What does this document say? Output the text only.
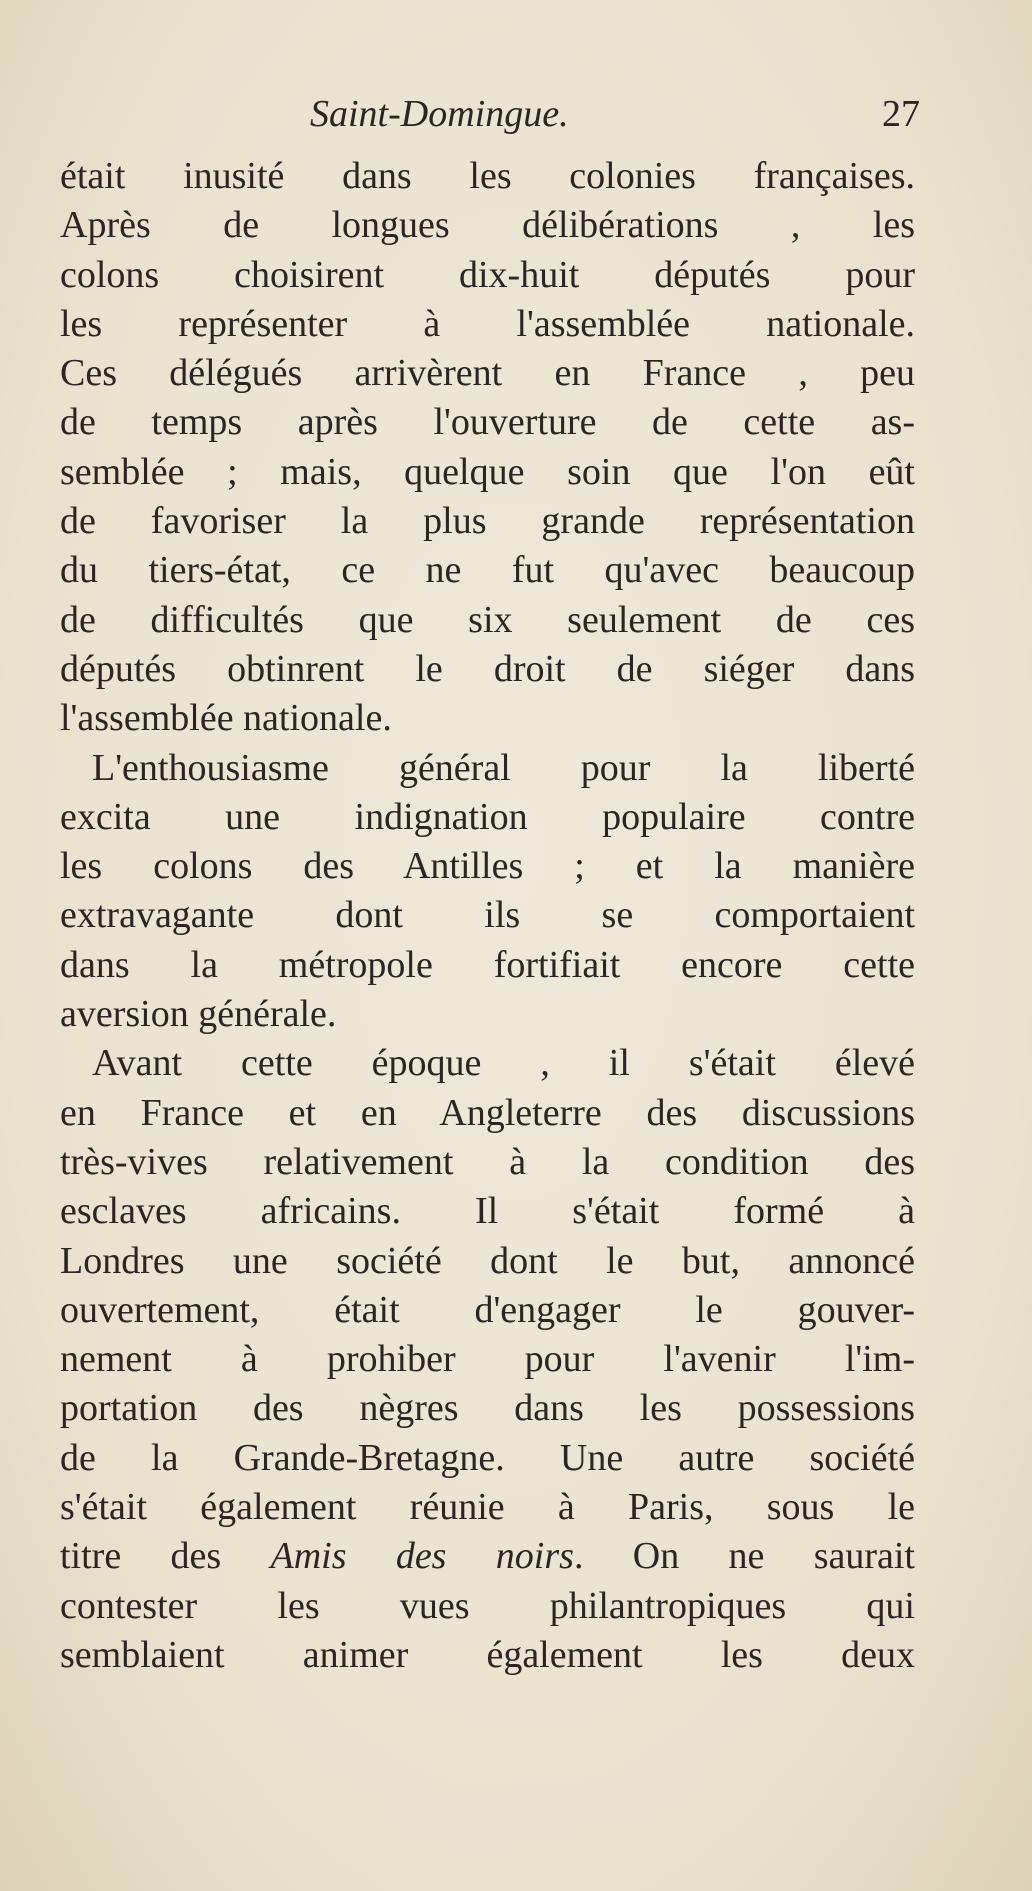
Saint-Domingue.	27
était inusité dans les colonies françaises.
Après de longues délibérations , les
colons choisirent dix-huit députés pour
les représenter à l'assemblée nationale.
Ces délégués arrivèrent en France , peu
de temps après l'ouverture de cette as-
semblée ; mais, quelque soin que l'on eût
de favoriser la plus grande représentation
du tiers-état, ce ne fut qu'avec beaucoup
de difficultés que six seulement de ces
députés obtinrent le droit de siéger dans
l'assemblée nationale.
L'enthousiasme général pour la liberté
excita une indignation populaire contre
les colons des Antilles ; et la manière
extravagante dont ils se comportaient
dans la métropole fortifiait encore cette
aversion générale.
Avant cette époque , il s'était élevé
en France et en Angleterre des discussions
très-vives relativement à la condition des
esclaves africains. Il s'était formé à
Londres une société dont le but, annoncé
ouvertement, était d'engager le gouver-
nement à prohiber pour l'avenir l'im-
portation des nègres dans les possessions
de la Grande-Bretagne. Une autre société
s'était également réunie à Paris, sous le
titre des Amis des noirs. On ne saurait
contester les vues philantropiques qui
semblaient animer également les deux
